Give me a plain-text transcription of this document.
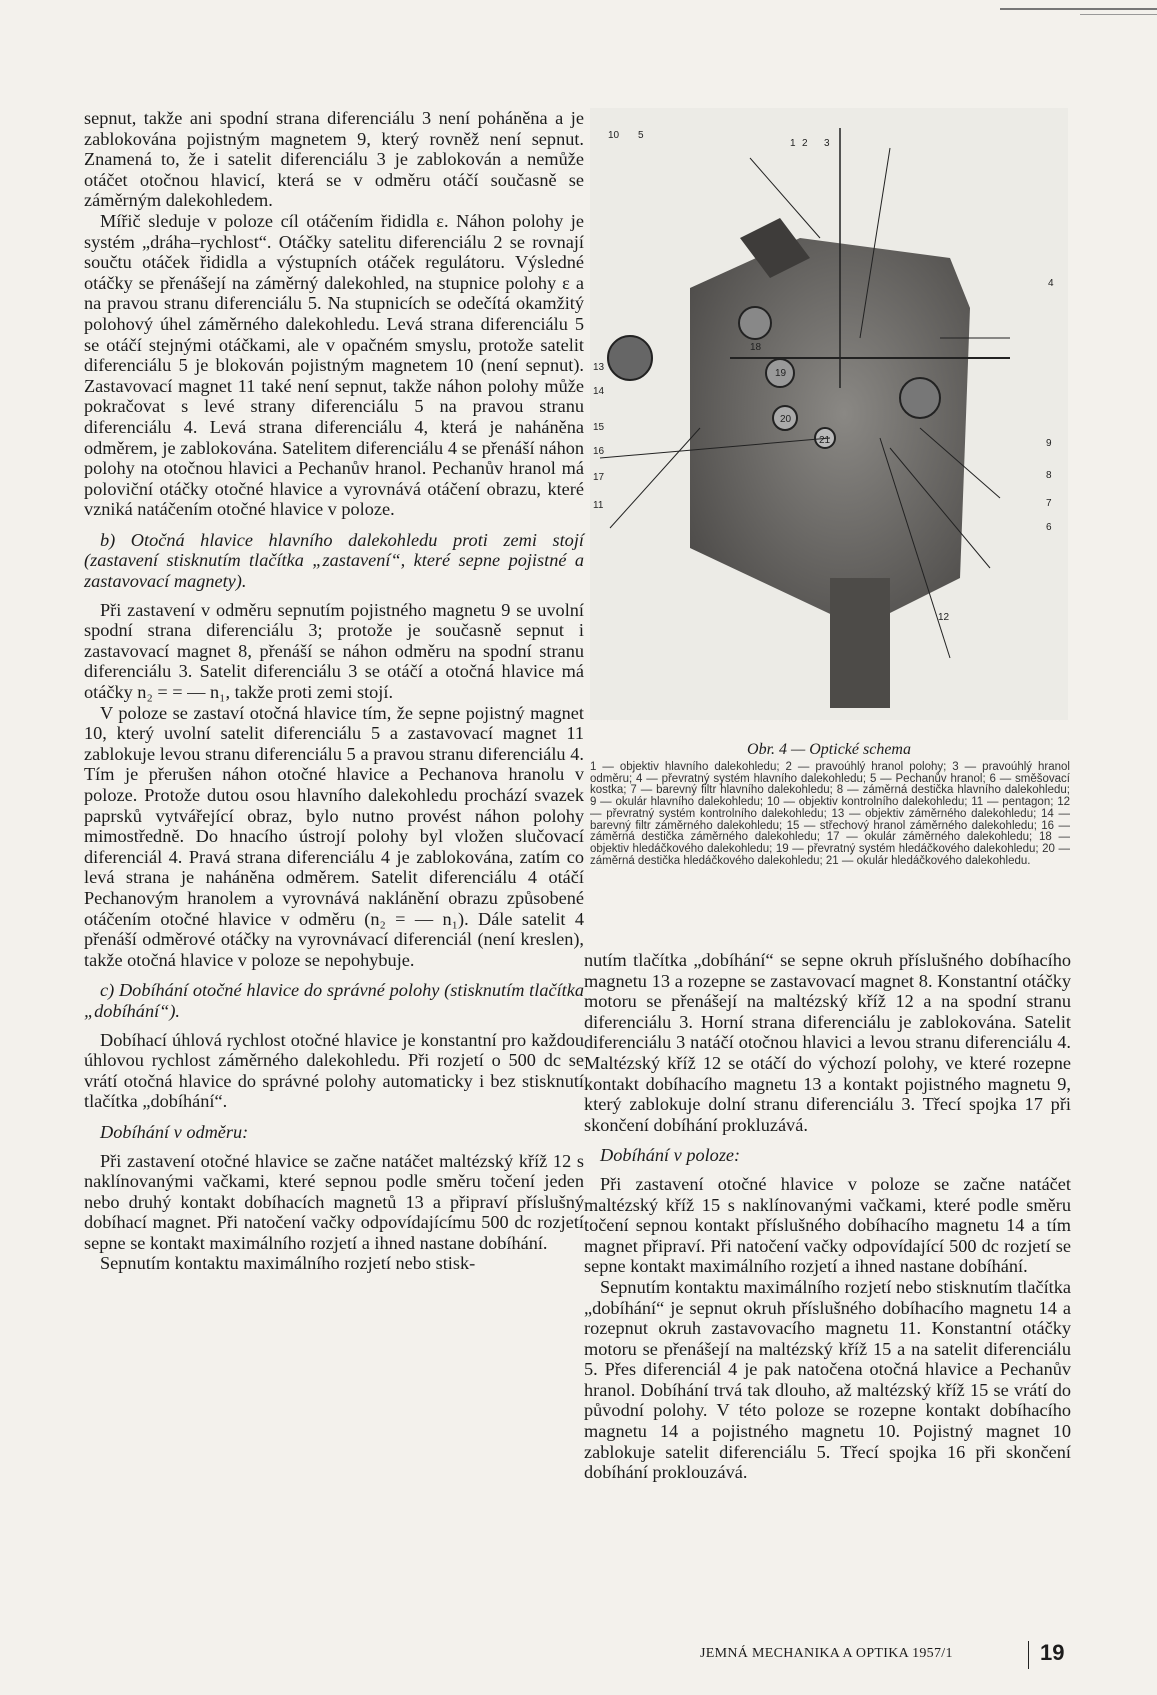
sepnut, takže ani spodní strana diferenciálu 3 není poháněna a je zablokována pojistným magnetem 9, který rovněž není sepnut. Znamená to, že i satelit diferenciálu 3 je zablokován a nemůže otáčet otočnou hlavicí, která se v odměru otáčí současně se záměrným dalekohledem.

Mířič sleduje v poloze cíl otáčením řididla ε. Náhon polohy je systém „dráha–rychlost“. Otáčky satelitu diferenciálu 2 se rovnají součtu otáček řididla a výstupních otáček regulátoru. Výsledné otáčky se přenášejí na záměrný dalekohled, na stupnice polohy ε a na pravou stranu diferenciálu 5. Na stupnicích se odečítá okamžitý polohový úhel záměrného dalekohledu. Levá strana diferenciálu 5 se otáčí stejnými otáčkami, ale v opačném smyslu, protože satelit diferenciálu 5 je blokován pojistným magnetem 10 (není sepnut). Zastavovací magnet 11 také není sepnut, takže náhon polohy může pokračovat s levé strany diferenciálu 5 na pravou stranu diferenciálu 4. Levá strana diferenciálu 4, která je naháněna odměrem, je zablokována. Satelitem diferenciálu 4 se přenáší náhon polohy na otočnou hlavici a Pechanův hranol. Pechanův hranol má poloviční otáčky otočné hlavice a vyrovnává otáčení obrazu, které vzniká natáčením otočné hlavice v poloze.

b) Otočná hlavice hlavního dalekohledu proti zemi stojí (zastavení stisknutím tlačítka „zastavení“, které sepne pojistné a zastavovací magnety).

Při zastavení v odměru sepnutím pojistného magnetu 9 se uvolní spodní strana diferenciálu 3; protože je současně sepnut i zastavovací magnet 8, přenáší se náhon odměru na spodní stranu diferenciálu 3. Satelit diferenciálu 3 se otáčí a otočná hlavice má otáčky n₂ = = — n₁, takže proti zemi stojí.

V poloze se zastaví otočná hlavice tím, že sepne pojistný magnet 10, který uvolní satelit diferenciálu 5 a zastavovací magnet 11 zablokuje levou stranu diferenciálu 5 a pravou stranu diferenciálu 4. Tím je přerušen náhon otočné hlavice a Pechanova hranolu v poloze. Protože dutou osou hlavního dalekohledu prochází svazek paprsků vytvářející obraz, bylo nutno provést náhon polohy mimostředně. Do hnacího ústrojí polohy byl vložen slučovací diferenciál 4. Pravá strana diferenciálu 4 je zablokována, zatím co levá strana je naháněna odměrem. Satelit diferenciálu 4 otáčí Pechanovým hranolem a vyrovnává naklánění obrazu způsobené otáčením otočné hlavice v odměru (n₂ = — n₁). Dále satelit 4 přenáší odměrové otáčky na vyrovnávací diferenciál (není kreslen), takže otočná hlavice v poloze se nepohybuje.

c) Dobíhání otočné hlavice do správné polohy (stisknutím tlačítka „dobíhání“).

Dobíhací úhlová rychlost otočné hlavice je konstantní pro každou úhlovou rychlost záměrného dalekohledu. Při rozjetí o 500 dc se vrátí otočná hlavice do správné polohy automaticky i bez stisknutí tlačítka „dobíhání“.

Dobíhání v odměru:

Při zastavení otočné hlavice se začne natáčet maltézský kříž 12 s naklínovanými vačkami, které sepnou podle směru točení jeden nebo druhý kontakt dobíhacích magnetů 13 a připraví příslušný dobíhací magnet. Při natočení vačky odpovídajícímu 500 dc rozjetí sepne se kontakt maximálního rozjetí a ihned nastane dobíhání.

Sepnutím kontaktu maximálního rozjetí nebo stisk-

1 2 3
4
5
6
7
8
9
10
11
12
13
14
15
16
17
18
19
20
21
Obr. 4 — Optické schema
1 — objektiv hlavního dalekohledu; 2 — pravoúhlý hranol polohy; 3 — pravoúhlý hranol odměru; 4 — převratný systém hlavního dalekohledu; 5 — Pechanův hranol; 6 — směšovací kostka; 7 — barevný filtr hlavního dalekohledu; 8 — záměrná destička hlavního dalekohledu; 9 — okulár hlavního dalekohledu; 10 — objektiv kontrolního dalekohledu; 11 — pentagon; 12 — převratný systém kontrolního dalekohledu; 13 — objektiv záměrného dalekohledu; 14 — barevný filtr záměrného dalekohledu; 15 — střechový hranol záměrného dalekohledu; 16 — záměrná destička záměrného dalekohledu; 17 — okulár záměrného dalekohledu; 18 — objektiv hledáčkového dalekohledu; 19 — převratný systém hledáčkového dalekohledu; 20 — záměrná destička hledáčkového dalekohledu; 21 — okulár hledáčkového dalekohledu.

nutím tlačítka „dobíhání“ se sepne okruh příslušného dobíhacího magnetu 13 a rozepne se zastavovací magnet 8. Konstantní otáčky motoru se přenášejí na maltézský kříž 12 a na spodní stranu diferenciálu 3. Horní strana diferenciálu je zablokována. Satelit diferenciálu 3 natáčí otočnou hlavici a levou stranu diferenciálu 4. Maltézský kříž 12 se otáčí do výchozí polohy, ve které rozepne kontakt dobíhacího magnetu 13 a kontakt pojistného magnetu 9, který zablokuje dolní stranu diferenciálu 3. Třecí spojka 17 při skončení dobíhání prokluzává.

Dobíhání v poloze:

Při zastavení otočné hlavice v poloze se začne natáčet maltézský kříž 15 s naklínovanými vačkami, které podle směru točení sepnou kontakt příslušného dobíhacího magnetu 14 a tím magnet připraví. Při natočení vačky odpovídající 500 dc rozjetí se sepne kontakt maximálního rozjetí a ihned nastane dobíhání.

Sepnutím kontaktu maximálního rozjetí nebo stisknutím tlačítka „dobíhání“ je sepnut okruh příslušného dobíhacího magnetu 14 a rozepnut okruh zastavovacího magnetu 11. Konstantní otáčky motoru se přenášejí na maltézský kříž 15 a na satelit diferenciálu 5. Přes diferenciál 4 je pak natočena otočná hlavice a Pechanův hranol. Dobíhání trvá tak dlouho, až maltézský kříž 15 se vrátí do původní polohy. V této poloze se rozepne kontakt dobíhacího magnetu 14 a pojistného magnetu 10. Pojistný magnet 10 zablokuje satelit diferenciálu 5. Třecí spojka 16 při skončení dobíhání proklouzává.

JEMNÁ MECHANIKA A OPTIKA 1957/1	19
